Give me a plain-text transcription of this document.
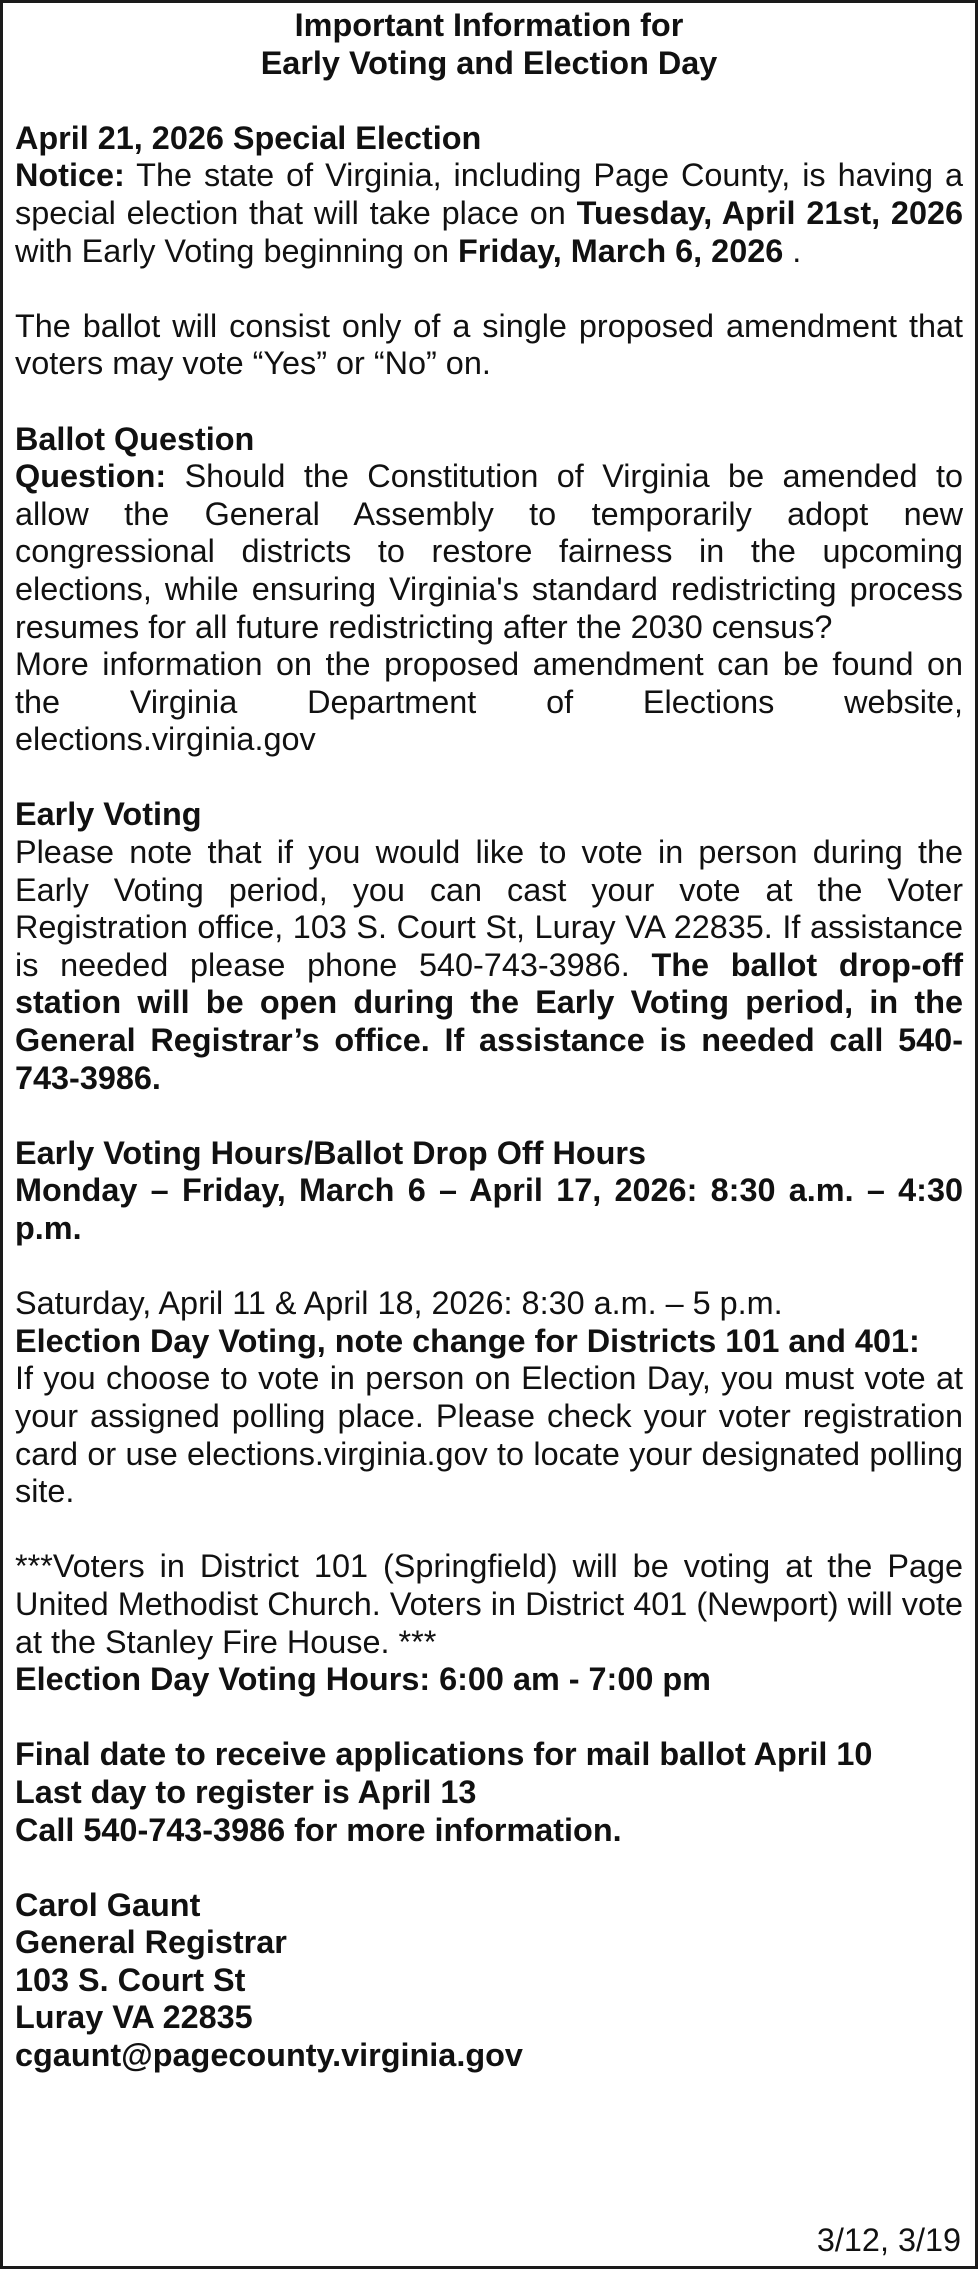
Important Information for

Early Voting and Election Day

April 21, 2026 Special Election

Notice: The state of Virginia, including Page County, is having a special election that will take place on Tuesday, April 21st, 2026 with Early Voting beginning on Friday, March 6, 2026 .

The ballot will consist only of a single proposed amendment that voters may vote “Yes” or “No” on.

Ballot Question

Question: Should the Constitution of Virginia be amended to allow the General Assembly to temporarily adopt new congressional districts to restore fairness in the upcoming elections, while ensuring Virginia's standard redistricting process resumes for all future redistricting after the 2030 census?

More information on the proposed amendment can be found on the Virginia Department of Elections website, elections.virginia.gov

Early Voting

Please note that if you would like to vote in person during the Early Voting period, you can cast your vote at the Voter Registration office, 103 S. Court St, Luray VA 22835. If assistance is needed please phone 540-743-3986. The ballot drop-off station will be open during the Early Voting period, in the General Registrar’s office. If assistance is needed call 540-743-3986.

Early Voting Hours/Ballot Drop Off Hours

Monday – Friday, March 6 – April 17, 2026: 8:30 a.m. – 4:30 p.m.

Saturday, April 11 & April 18, 2026: 8:30 a.m. – 5 p.m.

Election Day Voting, note change for Districts 101 and 401:

If you choose to vote in person on Election Day, you must vote at your assigned polling place. Please check your voter registration card or use elections.virginia.gov to locate your designated polling site.

***Voters in District 101 (Springfield) will be voting at the Page United Methodist Church. Voters in District 401 (Newport) will vote at the Stanley Fire House. ***

Election Day Voting Hours: 6:00 am - 7:00 pm

Final date to receive applications for mail ballot April 10

Last day to register is April 13

Call 540-743-3986 for more information.

Carol Gaunt

General Registrar

103 S. Court St

Luray VA 22835

cgaunt@pagecounty.virginia.gov

3/12, 3/19
